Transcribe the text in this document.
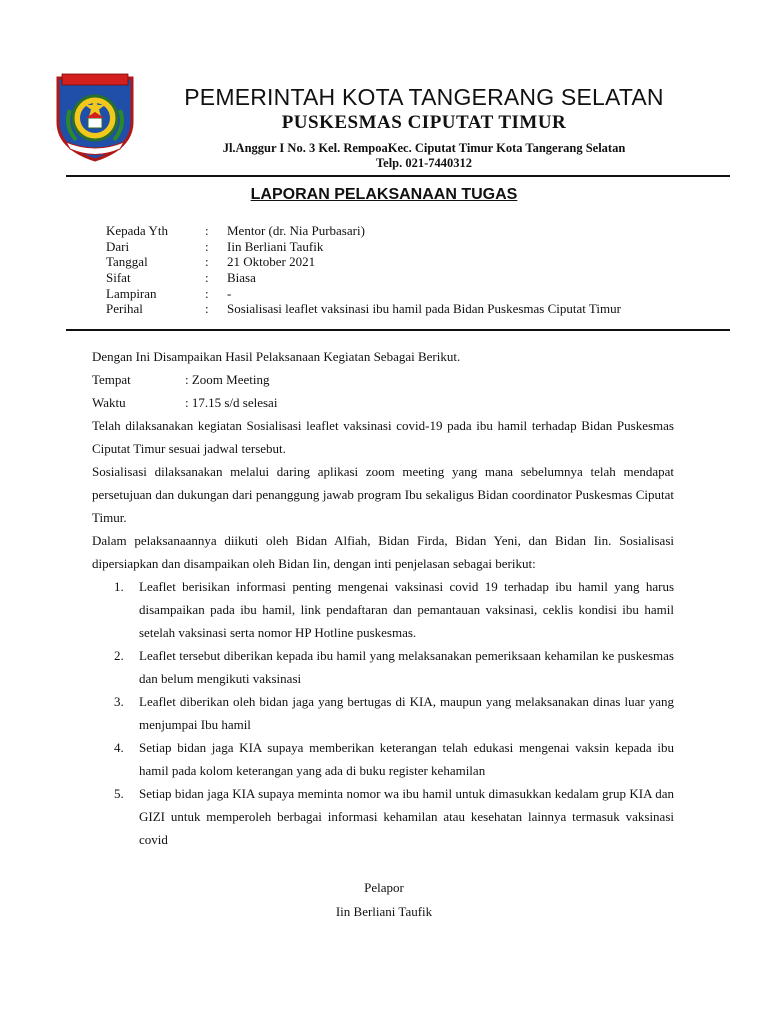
PEMERINTAH KOTA TANGERANG SELATAN
PUSKESMAS CIPUTAT TIMUR
Jl.Anggur I No. 3 Kel. RempoaKec. Ciputat Timur Kota Tangerang Selatan
Telp. 021-7440312
LAPORAN PELAKSANAAN TUGAS
Kepada Yth	:	Mentor (dr. Nia Purbasari)
Dari	:	Iin Berliani Taufik
Tanggal	:	21 Oktober 2021
Sifat	:	Biasa
Lampiran	:	-
Perihal	:	Sosialisasi leaflet vaksinasi ibu hamil pada Bidan Puskesmas Ciputat Timur

Dengan Ini Disampaikan Hasil Pelaksanaan Kegiatan Sebagai Berikut.

Tempat	: Zoom Meeting
Waktu	: 17.15 s/d selesai

Telah dilaksanakan kegiatan Sosialisasi leaflet vaksinasi covid-19 pada ibu hamil terhadap Bidan Puskesmas Ciputat Timur sesuai jadwal tersebut.

Sosialisasi dilaksanakan melalui daring aplikasi zoom meeting yang mana sebelumnya telah mendapat persetujuan dan dukungan dari penanggung jawab program Ibu sekaligus Bidan coordinator Puskesmas Ciputat Timur.

Dalam pelaksanaannya diikuti oleh Bidan Alfiah, Bidan Firda, Bidan Yeni, dan Bidan Iin. Sosialisasi dipersiapkan dan disampaikan oleh Bidan Iin, dengan inti penjelasan sebagai berikut:

1.	Leaflet berisikan informasi penting mengenai vaksinasi covid 19 terhadap ibu hamil yang harus disampaikan pada ibu hamil, link pendaftaran dan pemantauan vaksinasi, ceklis kondisi ibu hamil setelah vaksinasi serta nomor HP Hotline puskesmas.
2.	Leaflet tersebut diberikan kepada ibu hamil yang melaksanakan pemeriksaan kehamilan ke puskesmas dan belum mengikuti vaksinasi
3.	Leaflet diberikan oleh bidan jaga yang bertugas di KIA, maupun yang melaksanakan dinas luar yang menjumpai Ibu hamil
4.	Setiap bidan jaga KIA supaya memberikan keterangan telah edukasi mengenai vaksin kepada ibu hamil pada kolom keterangan yang ada di buku register kehamilan
5.	Setiap bidan jaga KIA supaya meminta nomor wa ibu hamil untuk dimasukkan kedalam grup KIA dan GIZI untuk memperoleh berbagai informasi kehamilan atau kesehatan lainnya termasuk vaksinasi covid
Pelapor
Iin Berliani Taufik
